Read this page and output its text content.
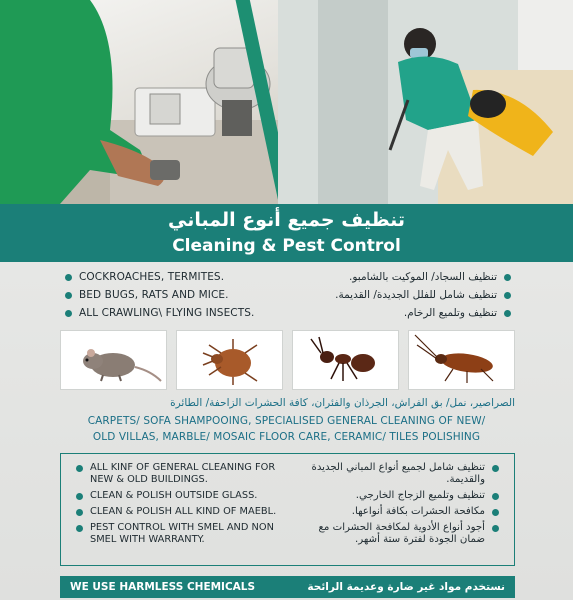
تنظيف جميع أنوع المباني
Cleaning & Pest Control
COCKROACHES, TERMITES.
BED BUGS, RATS AND MICE.
ALL CRAWLING\ FLYING INSECTS.
تنظيف السجاد/ الموكيت بالشامبو.
تنظيف شامل للفلل الجديدة/ القديمة.
تنظيف وتلميع الرخام.
الصراصير، نمل/ بق الفراش، الجرذان والفئران، كافة الحشرات الزاحفة/ الطائرة
CARPETS/ SOFA SHAMPOOING, SPECIALISED GENERAL CLEANING OF NEW/
OLD VILLAS, MARBLE/ MOSAIC FLOOR CARE, CERAMIC/ TILES POLISHING
ALL KINF OF GENERAL CLEANING FOR NEW & OLD BUILDINGS.
CLEAN & POLISH OUTSIDE GLASS.
CLEAN & POLISH ALL KIND OF MAEBL.
PEST CONTROL WITH SMEL AND NON SMEL WITH WARRANTY.
تنظيف شامل لجميع أنواع المباني الجديدة والقديمة.
تنظيف وتلميع الزجاج الخارجي.
مكافحة الحشرات بكافة أنواعها.
أجود أنواع الأدوية لمكافحة الحشرات مع ضمان الجودة لفترة ستة أشهر.
WE USE HARMLESS CHEMICALS	نستخدم مواد غير ضارة وعديمة الرائحة
